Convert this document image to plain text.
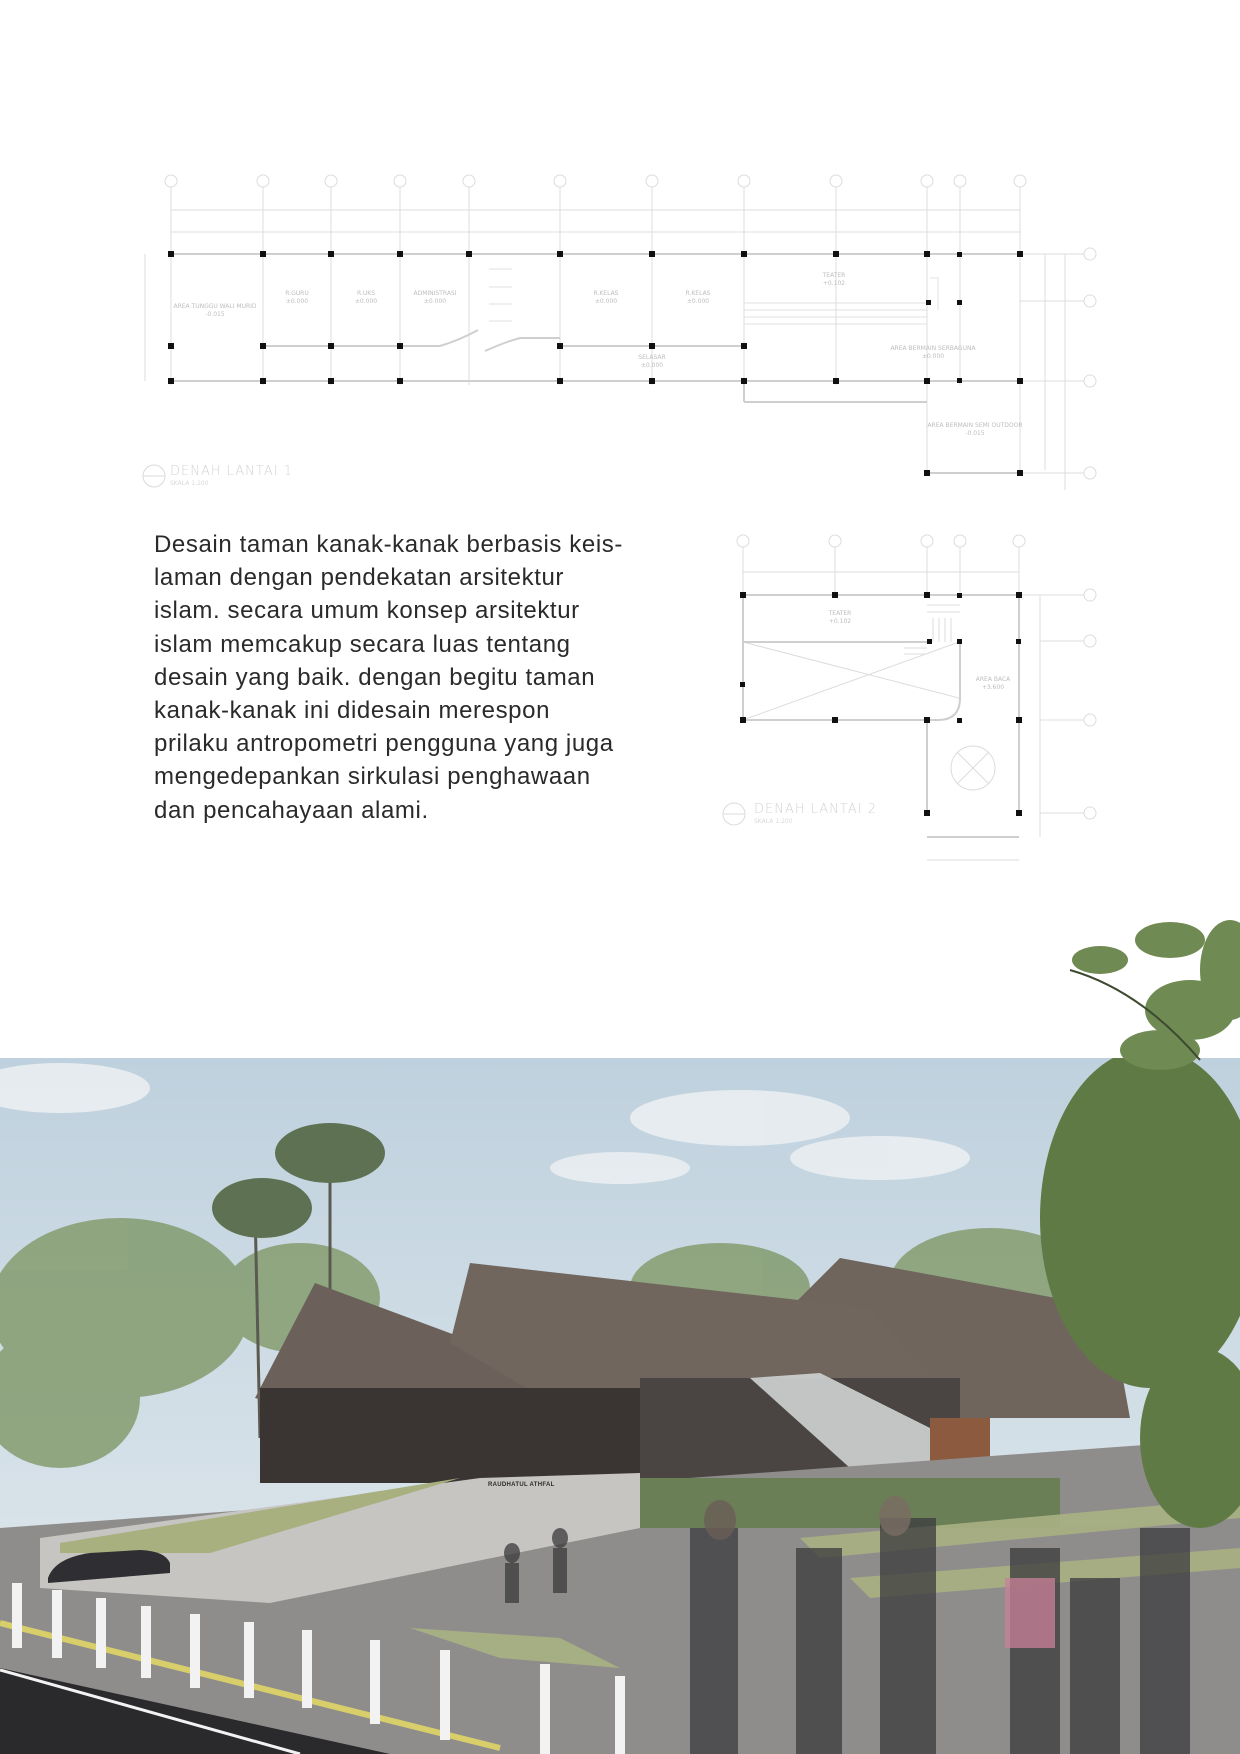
AREA TUNGGU WALI MURID
-0.015
R.GURU
±0.000
R.UKS
±0.000
ADMINISTRASI
±0.000
R.KELAS
±0.000
R.KELAS
±0.000
TEATER
+0.102
SELASAR
±0.000
AREA BERMAIN SERBAGUNA
±0.000
AREA BERMAIN SEMI OUTDOOR
-0.015
DENAH LANTAI 1
SKALA 1:200

Desain taman kanak-kanak berbasis keis-

laman dengan pendekatan arsitektur

islam. secara umum konsep arsitektur

islam memcakup secara luas tentang

desain yang baik. dengan begitu taman

kanak-kanak ini didesain merespon

prilaku antropometri pengguna yang juga

mengedepankan sirkulasi penghawaan

dan pencahayaan alami.

TEATER
+0.102
AREA BACA
+3.600
DENAH LANTAI 2
SKALA 1:200
RAUDHATUL ATHFAL
